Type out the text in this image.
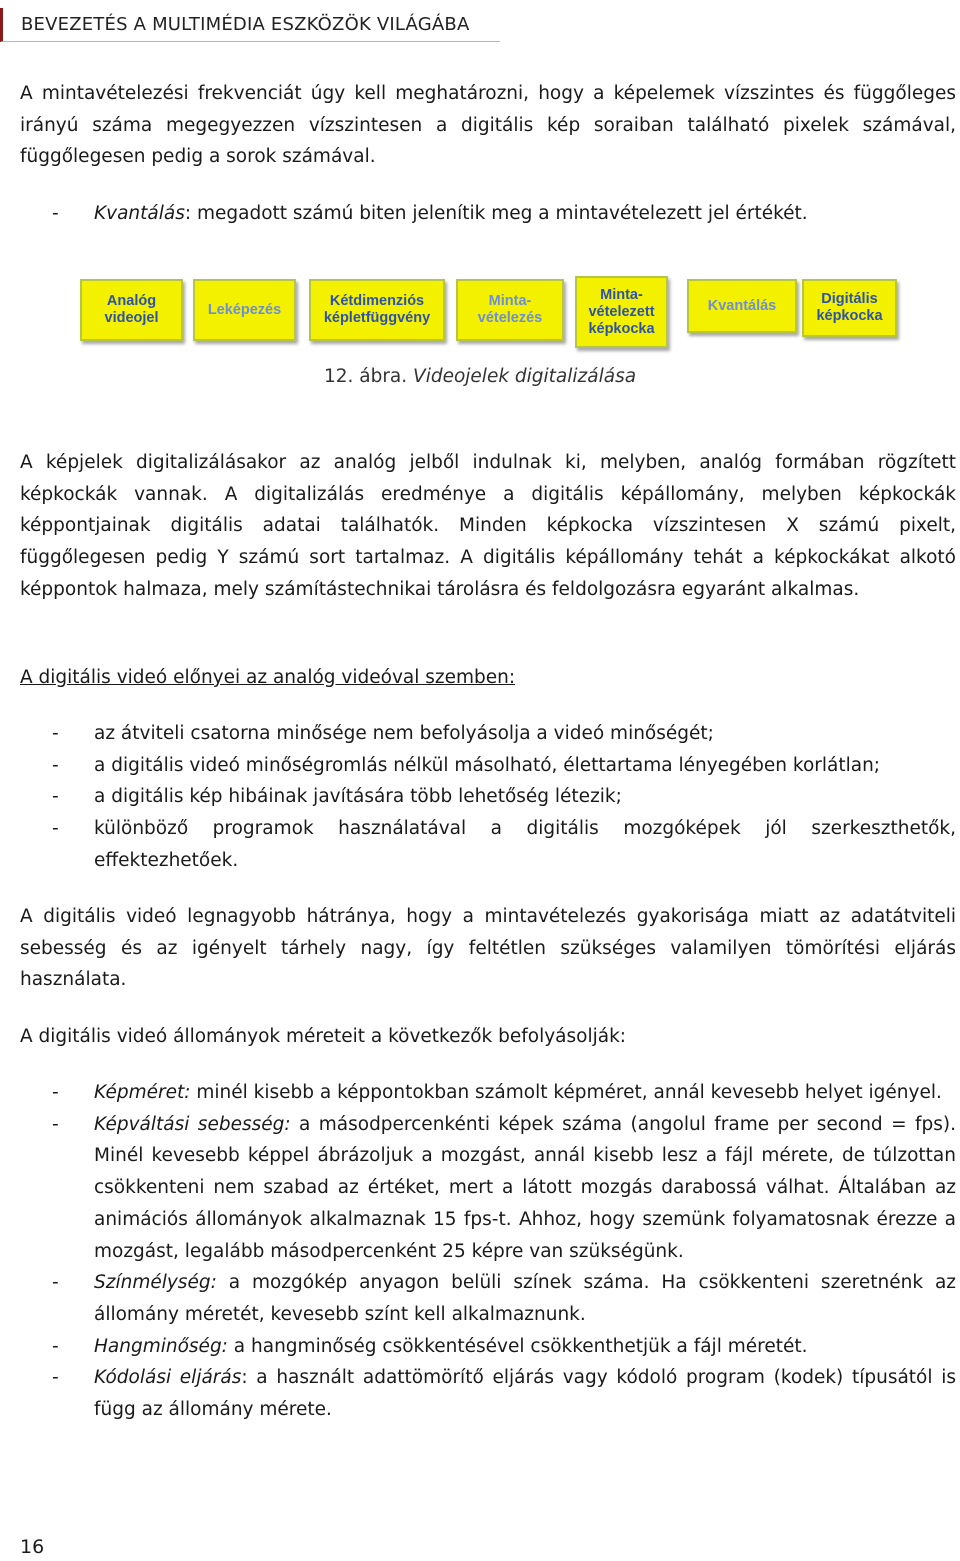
BEVEZETÉS A MULTIMÉDIA ESZKÖZÖK VILÁGÁBA
A mintavételezési frekvenciát úgy kell meghatározni, hogy a képelemek vízszintes és függőleges irányú száma megegyezzen vízszintesen a digitális kép soraiban található pixelek számával, függőlegesen pedig a sorok számával.
- Kvantálás: megadott számú biten jelenítik meg a mintavételezett jel értékét.
Analóg
videojel
Leképezés
Kétdimenziós
képletfüggvény
Minta-
vételezés
Minta-
vételezett
képkocka
Kvantálás	Digitális
képkocka
12. ábra. Videojelek digitalizálása
A képjelek digitalizálásakor az analóg jelből indulnak ki, melyben, analóg formában rögzített képkockák vannak. A digitalizálás eredménye a digitális képállomány, melyben képkockák képpontjainak digitális adatai találhatók. Minden képkocka vízszintesen X számú pixelt, függőlegesen pedig Y számú sort tartalmaz. A digitális képállomány tehát a képkockákat alkotó képpontok halmaza, mely számítástechnikai tárolásra és feldolgozásra egyaránt alkalmas.
A digitális videó előnyei az analóg videóval szemben:
- az átviteli csatorna minősége nem befolyásolja a videó minőségét;
- a digitális videó minőségromlás nélkül másolható, élettartama lényegében korlátlan;
- a digitális kép hibáinak javítására több lehetőség létezik;
- különböző programok használatával a digitális mozgóképek jól szerkeszthetők, effektezhetőek.
A digitális videó legnagyobb hátránya, hogy a mintavételezés gyakorisága miatt az adatátviteli sebesség és az igényelt tárhely nagy, így feltétlen szükséges valamilyen tömörítési eljárás használata.
A digitális videó állományok méreteit a következők befolyásolják:
- Képméret: minél kisebb a képpontokban számolt képméret, annál kevesebb helyet igényel.
- Képváltási sebesség: a másodpercenkénti képek száma (angolul frame per second = fps). Minél kevesebb képpel ábrázoljuk a mozgást, annál kisebb lesz a fájl mérete, de túlzottan csökkenteni nem szabad az értéket, mert a látott mozgás darabossá válhat. Általában az animációs állományok alkalmaznak 15 fps-t. Ahhoz, hogy szemünk folyamatosnak érezze a mozgást, legalább másodpercenként 25 képre van szükségünk.
- Színmélység: a mozgókép anyagon belüli színek száma. Ha csökkenteni szeretnénk az állomány méretét, kevesebb színt kell alkalmaznunk.
- Hangminőség: a hangminőség csökkentésével csökkenthetjük a fájl méretét.
- Kódolási eljárás: a használt adattömörítő eljárás vagy kódoló program (kodek) típusától is függ az állomány mérete.
16
